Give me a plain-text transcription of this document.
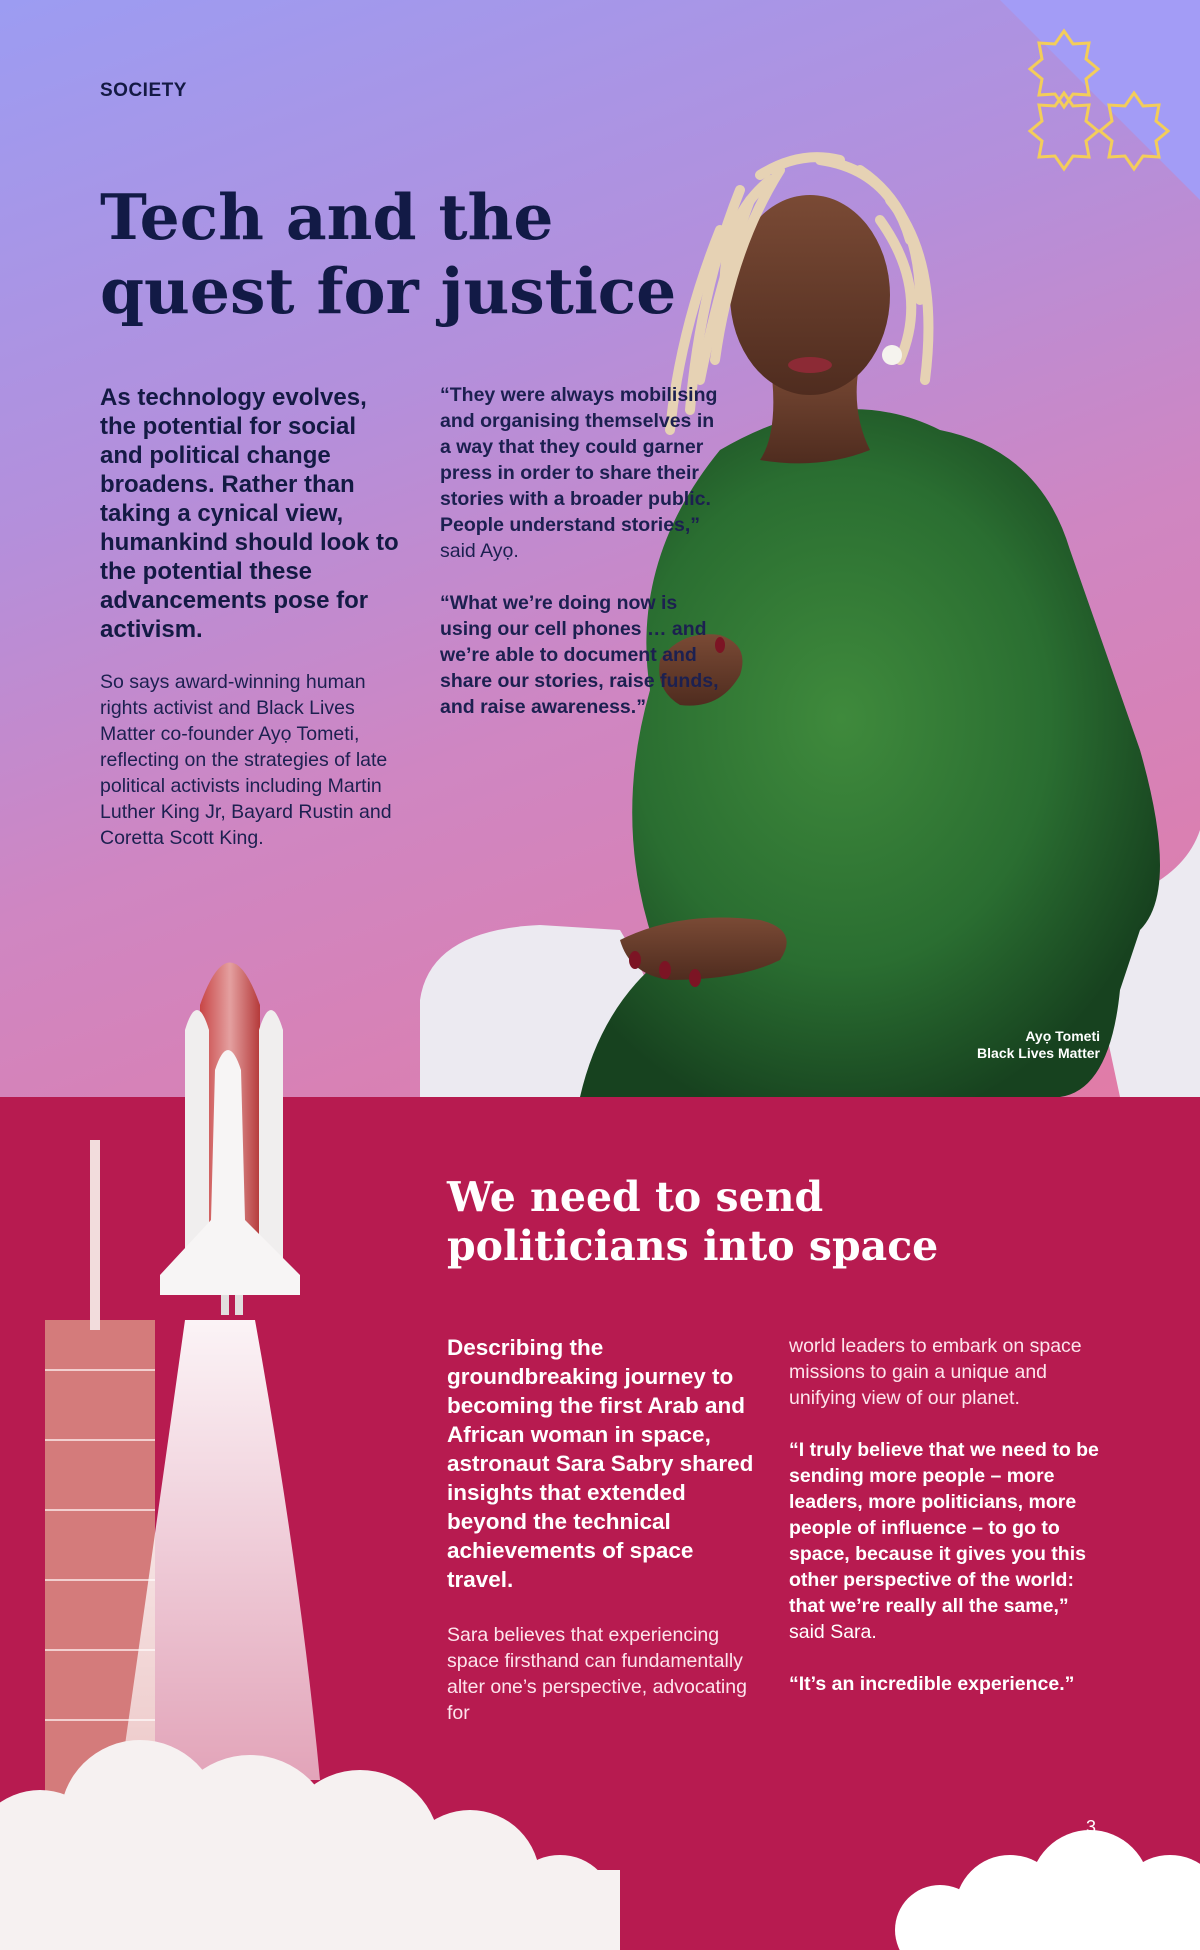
SOCIETY
Tech and the quest for justice

As technology evolves, the potential for social and political change broadens. Rather than taking a cynical view, humankind should look to the potential these advancements pose for activism.

So says award-winning human rights activist and Black Lives Matter co-founder Ayọ Tometi, reflecting on the strategies of late political activists including Martin Luther King Jr, Bayard Rustin and Coretta Scott King.

“They were always mobilising and organising themselves in a way that they could garner press in order to share their stories with a broader public. People understand stories,” said Ayọ.

“What we’re doing now is using our cell phones … and we’re able to document and share our stories, raise funds, and raise awareness.”

Ayọ Tometi
Black Lives Matter
We need to send politicians into space

Describing the groundbreaking journey to becoming the first Arab and African woman in space, astronaut Sara Sabry shared insights that extended beyond the technical achievements of space travel.

Sara believes that experiencing space firsthand can fundamentally alter one’s perspective, advocating for

world leaders to embark on space missions to gain a unique and unifying view of our planet.

“I truly believe that we need to be sending more people – more leaders, more politicians, more people of influence – to go to space, because it gives you this other perspective of the world: that we’re really all the same,” said Sara.

“It’s an incredible experience.”

3
